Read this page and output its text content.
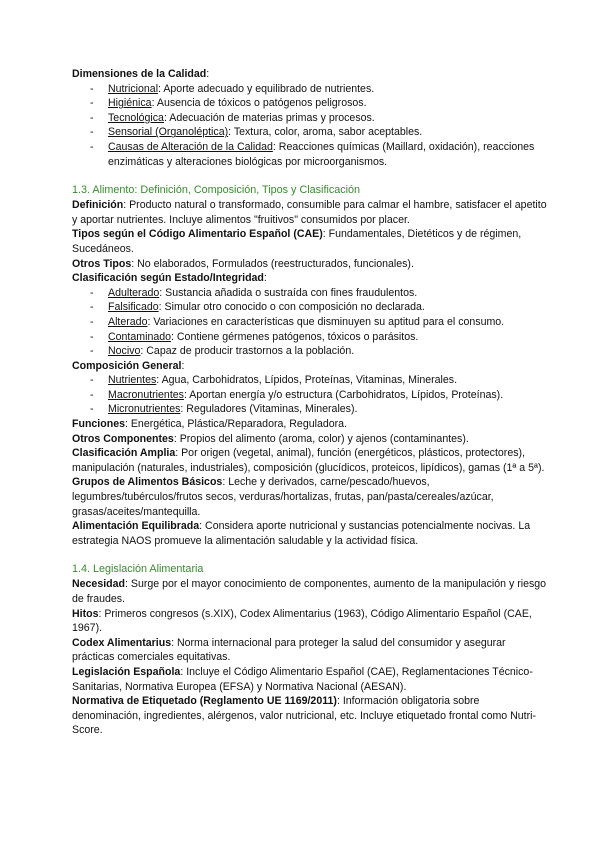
Dimensiones de la Calidad:

- Nutricional: Aporte adecuado y equilibrado de nutrientes.
- Higiénica: Ausencia de tóxicos o patógenos peligrosos.
- Tecnológica: Adecuación de materias primas y procesos.
- Sensorial (Organoléptica): Textura, color, aroma, sabor aceptables.
- Causas de Alteración de la Calidad: Reacciones químicas (Maillard, oxidación), reacciones enzimáticas y alteraciones biológicas por microorganismos.
1.3. Alimento: Definición, Composición, Tipos y Clasificación

Definición: Producto natural o transformado, consumible para calmar el hambre, satisfacer el apetito y aportar nutrientes. Incluye alimentos "fruitivos" consumidos por placer.

Tipos según el Código Alimentario Español (CAE): Fundamentales, Dietéticos y de régimen, Sucedáneos.

Otros Tipos: No elaborados, Formulados (reestructurados, funcionales).

Clasificación según Estado/Integridad:

- Adulterado: Sustancia añadida o sustraída con fines fraudulentos.
- Falsificado: Simular otro conocido o con composición no declarada.
- Alterado: Variaciones en características que disminuyen su aptitud para el consumo.
- Contaminado: Contiene gérmenes patógenos, tóxicos o parásitos.
- Nocivo: Capaz de producir trastornos a la población.

Composición General:

- Nutrientes: Agua, Carbohidratos, Lípidos, Proteínas, Vitaminas, Minerales.
- Macronutrientes: Aportan energía y/o estructura (Carbohidratos, Lípidos, Proteínas).
- Micronutrientes: Reguladores (Vitaminas, Minerales).

Funciones: Energética, Plástica/Reparadora, Reguladora.

Otros Componentes: Propios del alimento (aroma, color) y ajenos (contaminantes).

Clasificación Amplia: Por origen (vegetal, animal), función (energéticos, plásticos, protectores), manipulación (naturales, industriales), composición (glucídicos, proteicos, lipídicos), gamas (1ª a 5ª).

Grupos de Alimentos Básicos: Leche y derivados, carne/pescado/huevos, legumbres/tubérculos/frutos secos, verduras/hortalizas, frutas, pan/pasta/cereales/azúcar, grasas/aceites/mantequilla.

Alimentación Equilibrada: Considera aporte nutricional y sustancias potencialmente nocivas. La estrategia NAOS promueve la alimentación saludable y la actividad física.

1.4. Legislación Alimentaria

Necesidad: Surge por el mayor conocimiento de componentes, aumento de la manipulación y riesgo de fraudes.

Hitos: Primeros congresos (s.XIX), Codex Alimentarius (1963), Código Alimentario Español (CAE, 1967).

Codex Alimentarius: Norma internacional para proteger la salud del consumidor y asegurar prácticas comerciales equitativas.

Legislación Española: Incluye el Código Alimentario Español (CAE), Reglamentaciones Técnico-Sanitarias, Normativa Europea (EFSA) y Normativa Nacional (AESAN).

Normativa de Etiquetado (Reglamento UE 1169/2011): Información obligatoria sobre denominación, ingredientes, alérgenos, valor nutricional, etc. Incluye etiquetado frontal como Nutri-Score.
